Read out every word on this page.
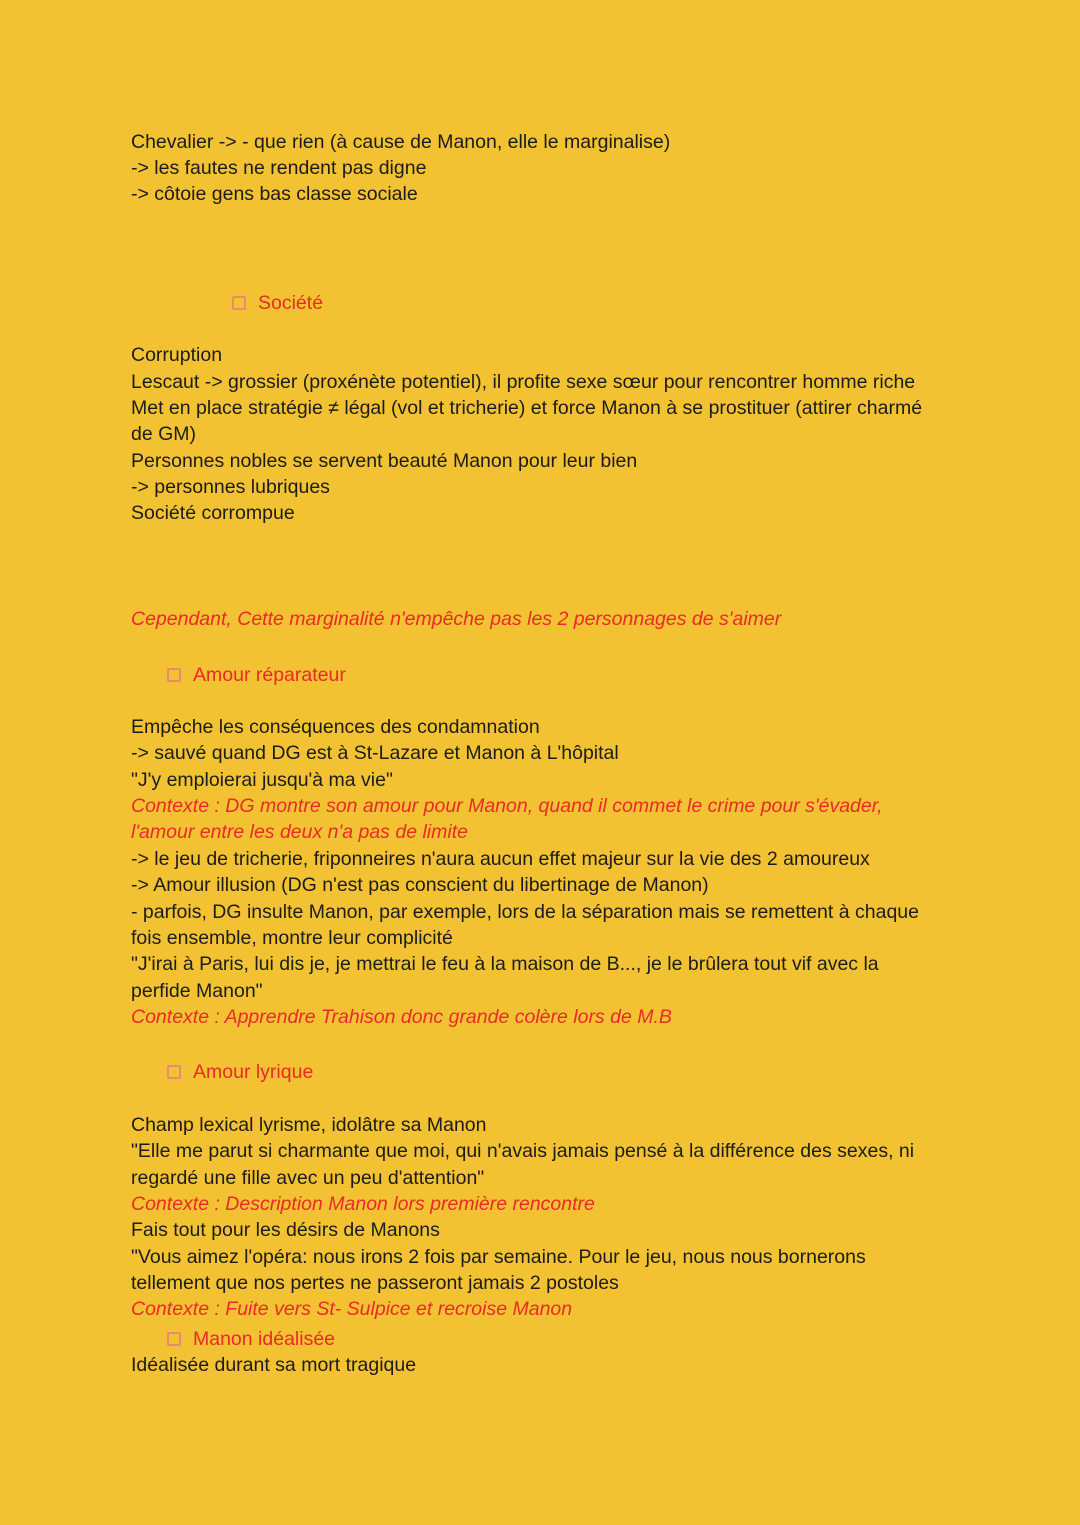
Chevalier -> - que rien (à cause de Manon, elle le marginalise)
-> les fautes ne rendent pas digne
-> côtoie gens bas classe sociale
Société
Corruption
Lescaut -> grossier (proxénète potentiel), il profite sexe sœur pour rencontrer homme riche
Met en place stratégie ≠ légal (vol et tricherie) et force Manon à se prostituer (attirer charmé
de GM)
Personnes nobles se servent beauté Manon pour leur bien
-> personnes lubriques
Société corrompue
Cependant, Cette marginalité n'empêche pas les 2 personnages de s'aimer
Amour réparateur
Empêche les conséquences des condamnation
-> sauvé quand DG est à St-Lazare et Manon à L'hôpital
"J'y emploierai jusqu'à ma vie"
Contexte : DG montre son amour pour Manon, quand il commet le crime pour s'évader,
l'amour entre les deux n'a pas de limite
-> le jeu de tricherie, friponneires n'aura aucun effet majeur sur la vie des 2 amoureux
-> Amour illusion (DG n'est pas conscient du libertinage de Manon)
- parfois, DG insulte Manon, par exemple, lors de la séparation mais se remettent à chaque
fois ensemble, montre leur complicité
"J'irai à Paris, lui dis je, je mettrai le feu à la maison de B..., je le brûlera tout vif avec la
perfide Manon"
Contexte : Apprendre Trahison donc grande colère lors de M.B
Amour lyrique
Champ lexical lyrisme, idolâtre sa Manon
"Elle me parut si charmante que moi, qui n'avais jamais pensé à la différence des sexes, ni
regardé une fille avec un peu d'attention"
Contexte : Description Manon lors première rencontre
Fais tout pour les désirs de Manons
"Vous aimez l'opéra: nous irons 2 fois par semaine. Pour le jeu, nous nous bornerons
tellement que nos pertes ne passeront jamais 2 postoles
Contexte : Fuite vers St- Sulpice et recroise Manon
Manon idéalisée
Idéalisée durant sa mort tragique
